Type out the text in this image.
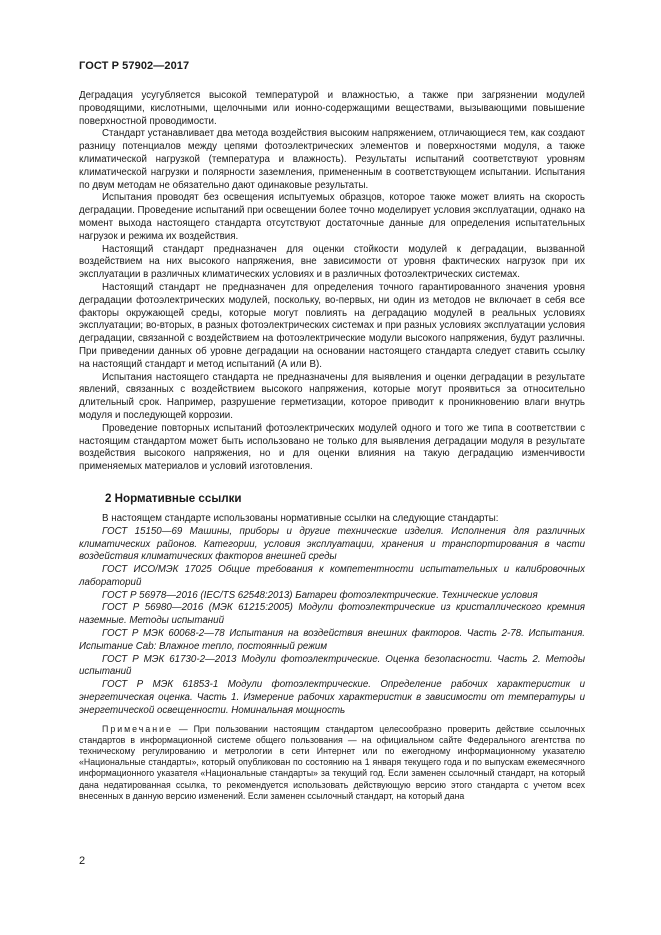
ГОСТ Р 57902—2017

Деградация усугубляется высокой температурой и влажностью, а также при загрязнении модулей проводящими, кислотными, щелочными или ионно-содержащими веществами, вызывающими повышение поверхностной проводимости.

Стандарт устанавливает два метода воздействия высоким напряжением, отличающиеся тем, как создают разницу потенциалов между цепями фотоэлектрических элементов и поверхностями модуля, а также климатической нагрузкой (температура и влажность). Результаты испытаний соответствуют уровням климатической нагрузки и полярности заземления, примененным в соответствующем испытании. Испытания по двум методам не обязательно дают одинаковые результаты.

Испытания проводят без освещения испытуемых образцов, которое также может влиять на скорость деградации. Проведение испытаний при освещении более точно моделирует условия эксплуатации, однако на момент выхода настоящего стандарта отсутствуют достаточные данные для определения испытательных нагрузок и режима их воздействия.

Настоящий стандарт предназначен для оценки стойкости модулей к деградации, вызванной воздействием на них высокого напряжения, вне зависимости от уровня фактических нагрузок при их эксплуатации в различных климатических условиях и в различных фотоэлектрических системах.

Настоящий стандарт не предназначен для определения точного гарантированного значения уровня деградации фотоэлектрических модулей, поскольку, во-первых, ни один из методов не включает в себя все факторы окружающей среды, которые могут повлиять на деградацию модулей в реальных условиях эксплуатации; во-вторых, в разных фотоэлектрических системах и при разных условиях эксплуатации условия деградации, связанной с воздействием на фотоэлектрические модули высокого напряжения, будут различны. При приведении данных об уровне деградации на основании настоящего стандарта следует ставить ссылку на настоящий стандарт и метод испытаний (А или В).

Испытания настоящего стандарта не предназначены для выявления и оценки деградации в результате явлений, связанных с воздействием высокого напряжения, которые могут проявиться за относительно длительный срок. Например, разрушение герметизации, которое приводит к проникновению влаги внутрь модуля и последующей коррозии.

Проведение повторных испытаний фотоэлектрических модулей одного и того же типа в соответствии с настоящим стандартом может быть использовано не только для выявления деградации модуля в результате воздействия высокого напряжения, но и для оценки влияния на такую деградацию изменчивости применяемых материалов и условий изготовления.

2 Нормативные ссылки

В настоящем стандарте использованы нормативные ссылки на следующие стандарты:

ГОСТ 15150—69 Машины, приборы и другие технические изделия. Исполнения для различных климатических районов. Категории, условия эксплуатации, хранения и транспортирования в части воздействия климатических факторов внешней среды

ГОСТ ИСО/МЭК 17025 Общие требования к компетентности испытательных и калибровочных лабораторий

ГОСТ Р 56978—2016 (IEC/TS 62548:2013) Батареи фотоэлектрические. Технические условия

ГОСТ Р 56980—2016 (МЭК 61215:2005) Модули фотоэлектрические из кристаллического кремния наземные. Методы испытаний

ГОСТ Р МЭК 60068-2—78 Испытания на воздействия внешних факторов. Часть 2-78. Испытания. Испытание Cab: Влажное тепло, постоянный режим

ГОСТ Р МЭК 61730-2—2013 Модули фотоэлектрические. Оценка безопасности. Часть 2. Методы испытаний

ГОСТ Р МЭК 61853-1 Модули фотоэлектрические. Определение рабочих характеристик и энергетическая оценка. Часть 1. Измерение рабочих характеристик в зависимости от температуры и энергетической освещенности. Номинальная мощность

Примечание — При пользовании настоящим стандартом целесообразно проверить действие ссылочных стандартов в информационной системе общего пользования — на официальном сайте Федерального агентства по техническому регулированию и метрологии в сети Интернет или по ежегодному информационному указателю «Национальные стандарты», который опубликован по состоянию на 1 января текущего года и по выпускам ежемесячного информационного указателя «Национальные стандарты» за текущий год. Если заменен ссылочный стандарт, на который дана недатированная ссылка, то рекомендуется использовать действующую версию этого стандарта с учетом всех внесенных в данную версию изменений. Если заменен ссылочный стандарт, на который дана

2
